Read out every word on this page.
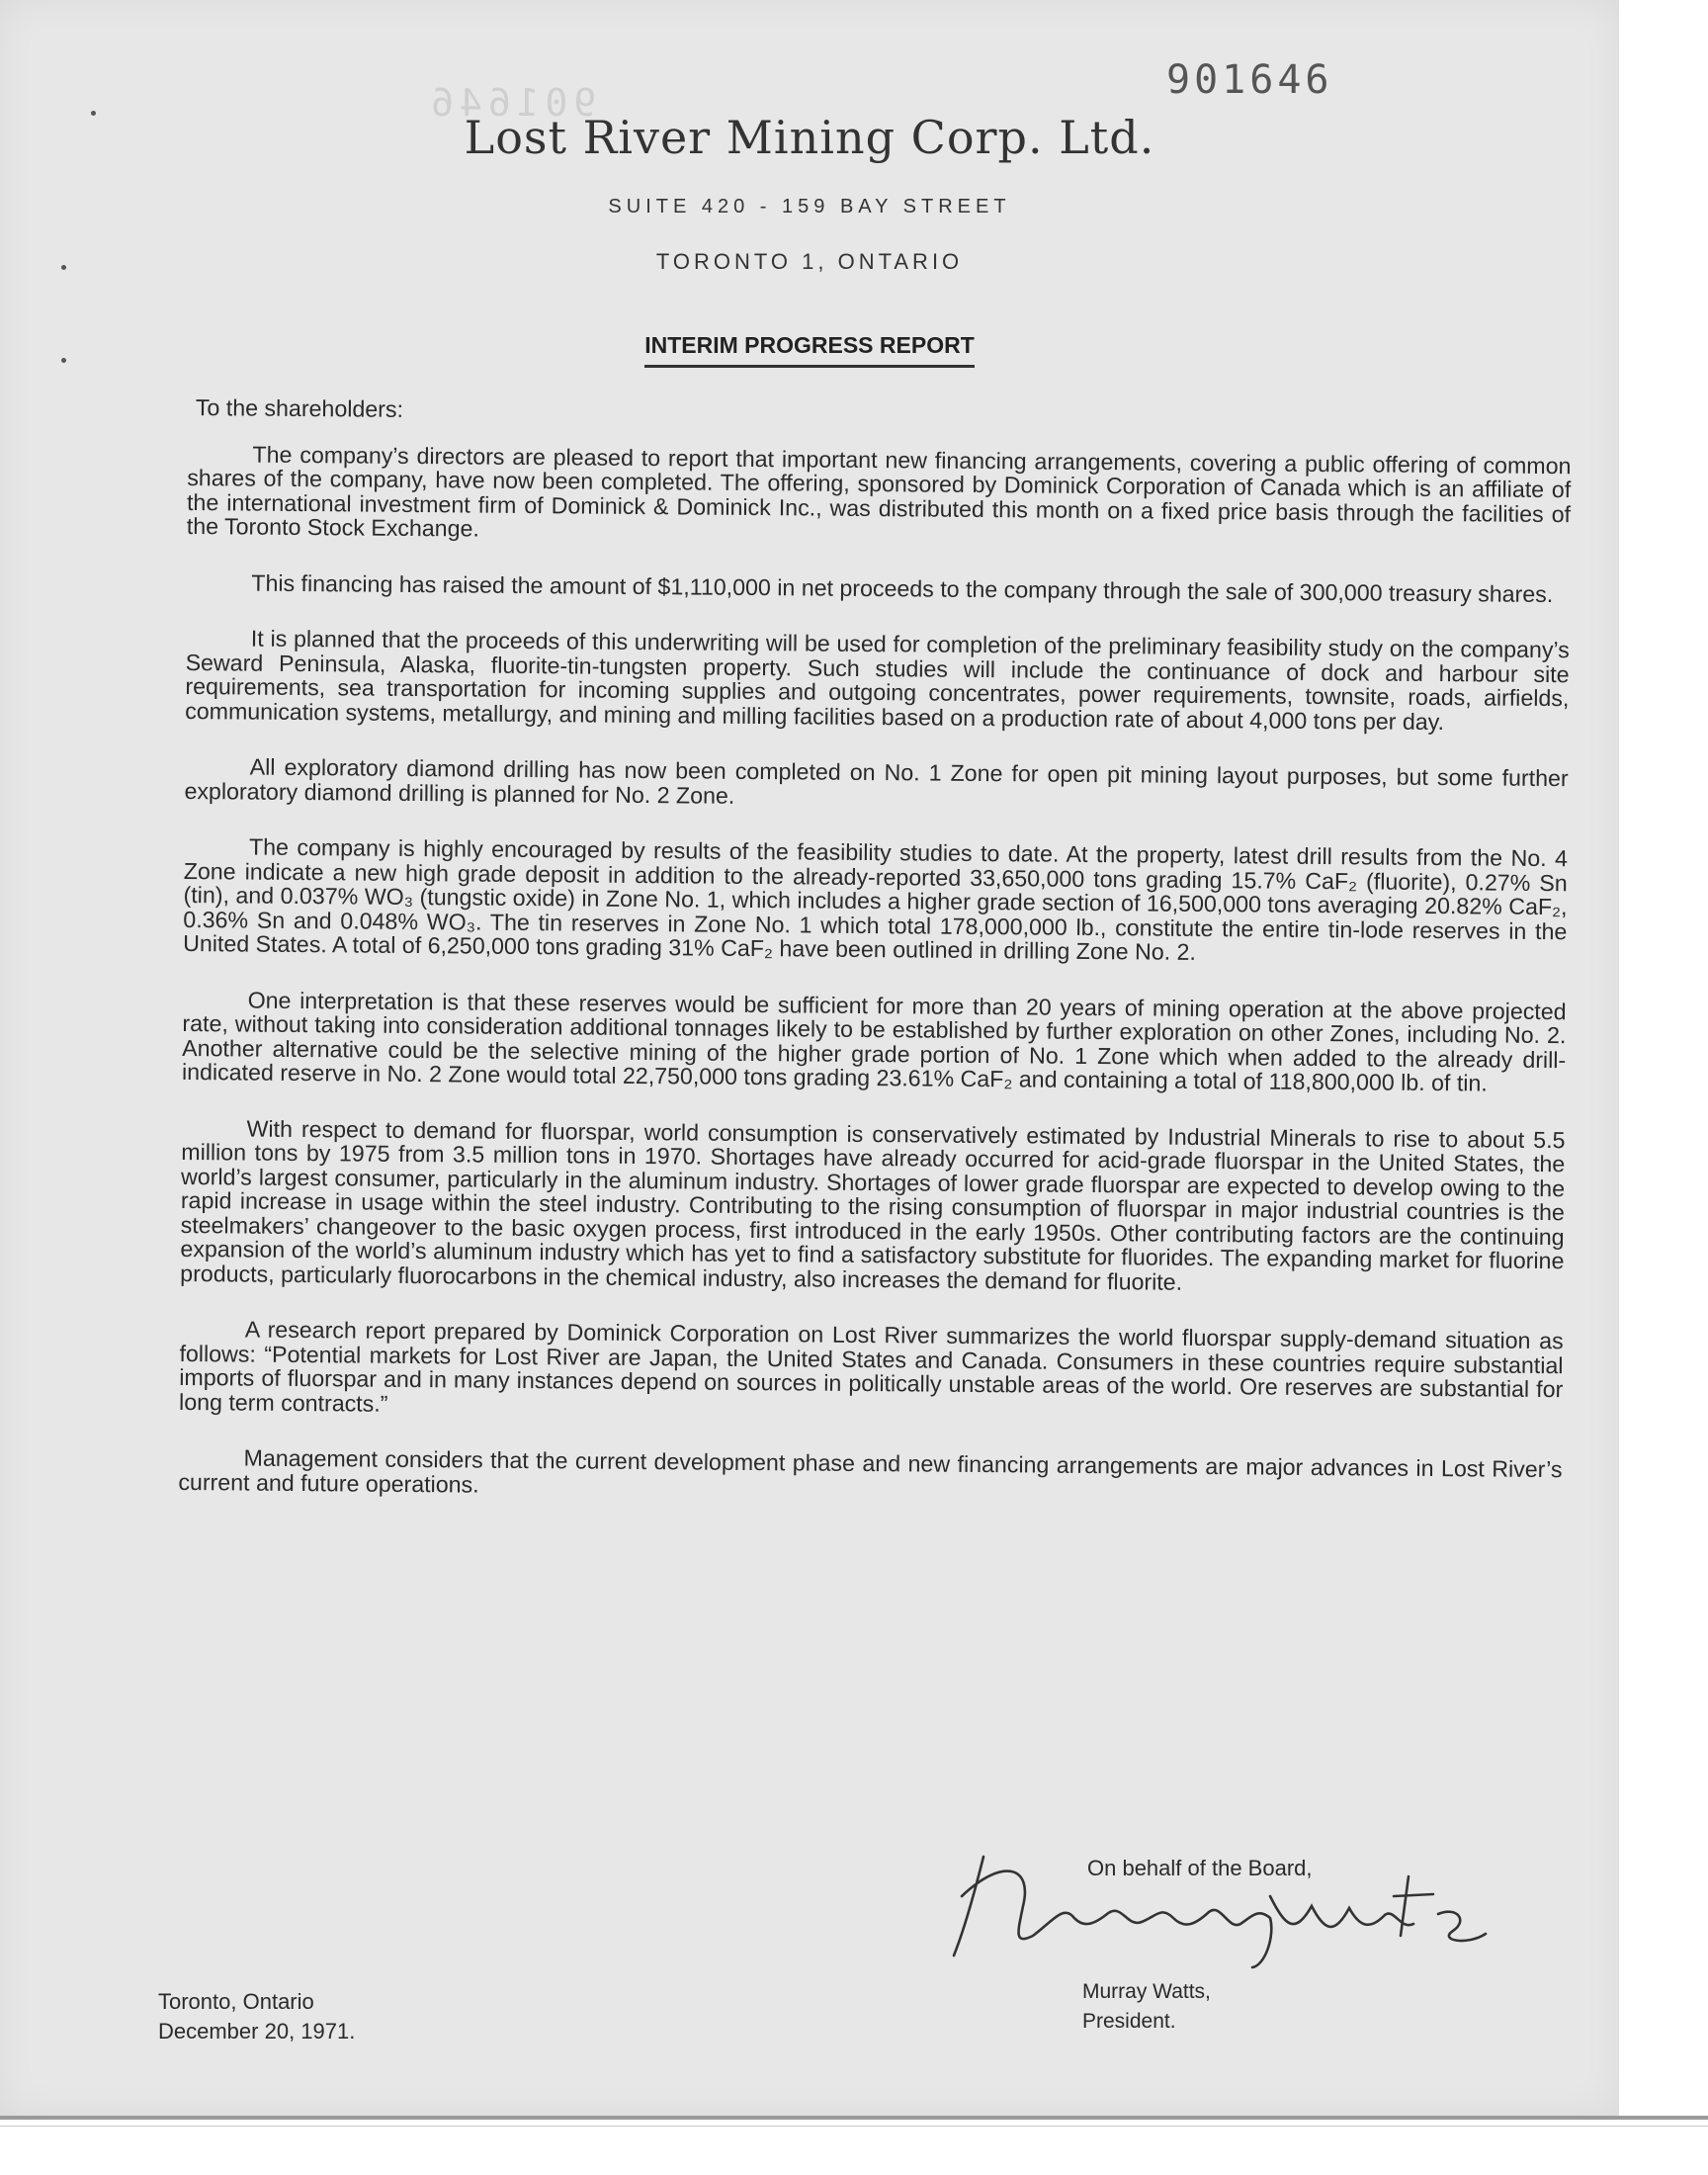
901646	901646
Lost River Mining Corp. Ltd.
SUITE 420 - 159 BAY STREET
TORONTO 1, ONTARIO
INTERIM PROGRESS REPORT
To the shareholders:

The company’s directors are pleased to report that important new financing arrangements, covering a public offering of common shares of the company, have now been completed. The offering, sponsored by Dominick Corporation of Canada which is an affiliate of the international investment firm of Dominick & Dominick Inc., was distributed this month on a fixed price basis through the facilities of the Toronto Stock Exchange.

This financing has raised the amount of $1,110,000 in net proceeds to the company through the sale of 300,000 treasury shares.

It is planned that the proceeds of this underwriting will be used for completion of the preliminary feasibility study on the company’s Seward Peninsula, Alaska, fluorite-tin-tungsten property. Such studies will include the continuance of dock and harbour site requirements, sea transportation for incoming supplies and outgoing concentrates, power requirements, townsite, roads, airfields, communication systems, metallurgy, and mining and milling facilities based on a production rate of about 4,000 tons per day.

All exploratory diamond drilling has now been completed on No. 1 Zone for open pit mining layout purposes, but some further exploratory diamond drilling is planned for No. 2 Zone.

The company is highly encouraged by results of the feasibility studies to date. At the property, latest drill results from the No. 4 Zone indicate a new high grade deposit in addition to the already-reported 33,650,000 tons grading 15.7% CaF₂ (fluorite), 0.27% Sn (tin), and 0.037% WO₃ (tungstic oxide) in Zone No. 1, which includes a higher grade section of 16,500,000 tons averaging 20.82% CaF₂, 0.36% Sn and 0.048% WO₃. The tin reserves in Zone No. 1 which total 178,000,000 lb., constitute the entire tin-lode reserves in the United States. A total of 6,250,000 tons grading 31% CaF₂ have been outlined in drilling Zone No. 2.

One interpretation is that these reserves would be sufficient for more than 20 years of mining operation at the above projected rate, without taking into consideration additional tonnages likely to be established by further exploration on other Zones, including No. 2. Another alternative could be the selective mining of the higher grade portion of No. 1 Zone which when added to the already drill-indicated reserve in No. 2 Zone would total 22,750,000 tons grading 23.61% CaF₂ and containing a total of 118,800,000 lb. of tin.

With respect to demand for fluorspar, world consumption is conservatively estimated by Industrial Minerals to rise to about 5.5 million tons by 1975 from 3.5 million tons in 1970. Shortages have already occurred for acid-grade fluorspar in the United States, the world’s largest consumer, particularly in the aluminum industry. Shortages of lower grade fluorspar are expected to develop owing to the rapid increase in usage within the steel industry. Contributing to the rising consumption of fluorspar in major industrial countries is the steelmakers’ changeover to the basic oxygen process, first introduced in the early 1950s. Other contributing factors are the continuing expansion of the world’s aluminum industry which has yet to find a satisfactory substitute for fluorides. The expanding market for fluorine products, particularly fluorocarbons in the chemical industry, also increases the demand for fluorite.

A research report prepared by Dominick Corporation on Lost River summarizes the world fluorspar supply-demand situation as follows: “Potential markets for Lost River are Japan, the United States and Canada. Consumers in these countries require substantial imports of fluorspar and in many instances depend on sources in politically unstable areas of the world. Ore reserves are substantial for long term contracts.”

Management considers that the current development phase and new financing arrangements are major advances in Lost River’s current and future operations.

On behalf of the Board,
Murray Watts,
President.
Toronto, Ontario
December 20, 1971.
